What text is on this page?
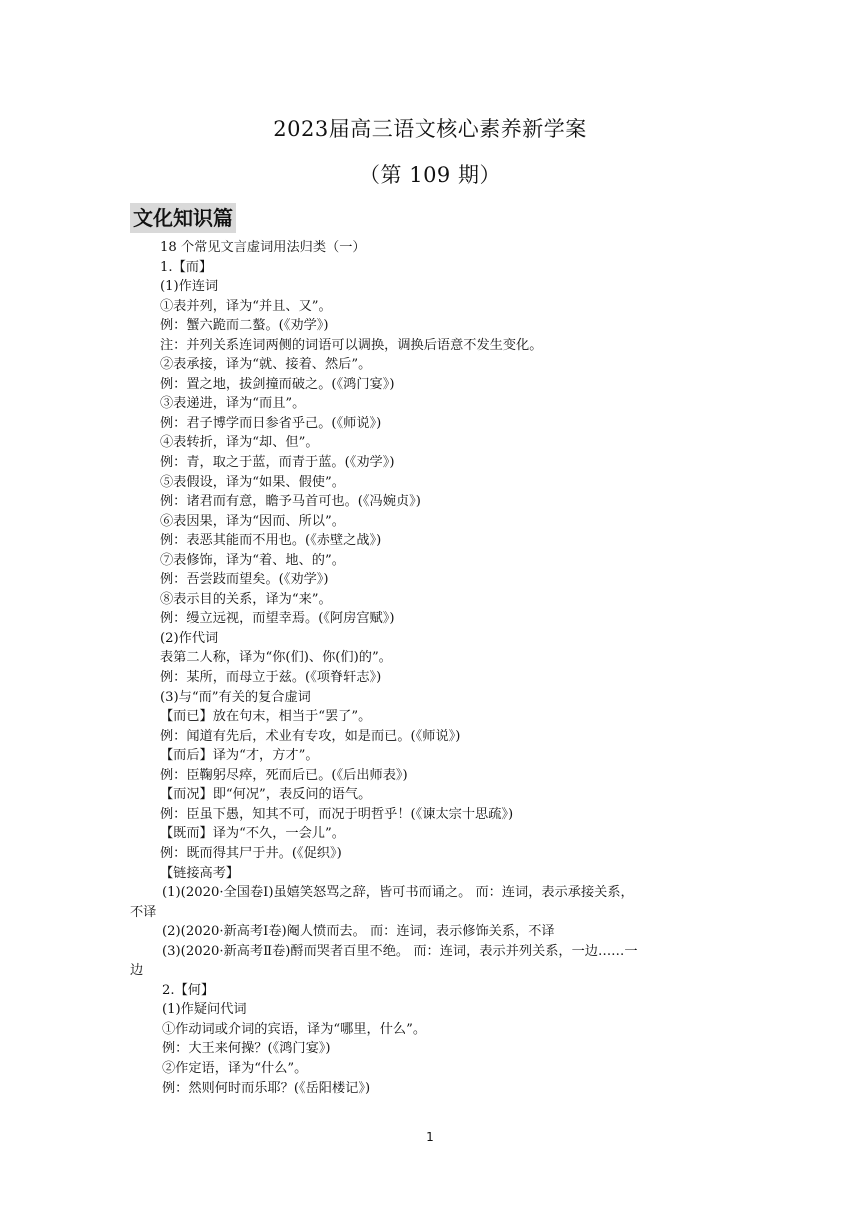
2023届高三语文核心素养新学案
（第 109 期）
文化知识篇
18 个常见文言虚词用法归类（一）
1.【而】
(1)作连词
①表并列，译为“并且、又”。
例：蟹六跪而二螯。(《劝学》)
注：并列关系连词两侧的词语可以调换，调换后语意不发生变化。
②表承接，译为“就、接着、然后”。
例：置之地，拔剑撞而破之。(《鸿门宴》)
③表递进，译为“而且”。
例：君子博学而日参省乎己。(《师说》)
④表转折，译为“却、但”。
例：青，取之于蓝，而青于蓝。(《劝学》)
⑤表假设，译为“如果、假使”。
例：诸君而有意，瞻予马首可也。(《冯婉贞》)
⑥表因果，译为“因而、所以”。
例：表恶其能而不用也。(《赤壁之战》)
⑦表修饰，译为“着、地、的”。
例：吾尝跂而望矣。(《劝学》)
⑧表示目的关系，译为“来”。
例：缦立远视，而望幸焉。(《阿房宫赋》)
(2)作代词
表第二人称，译为“你(们)、你(们)的”。
例：某所，而母立于兹。(《项脊轩志》)
(3)与“而”有关的复合虚词
【而已】放在句末，相当于“罢了”。
例：闻道有先后，术业有专攻，如是而已。(《师说》)
【而后】译为“才，方才”。
例：臣鞠躬尽瘁，死而后已。(《后出师表》)
【而况】即“何况”，表反问的语气。
例：臣虽下愚，知其不可，而况于明哲乎！(《谏太宗十思疏》)
【既而】译为“不久，一会儿”。
例：既而得其尸于井。(《促织》)
【链接高考】
(1)(2020·全国卷Ⅰ)虽嬉笑怒骂之辞，皆可书而诵之。 而：连词，表示承接关系，
不译
(2)(2020·新高考Ⅰ卷)阉人愤而去。 而：连词，表示修饰关系，不译
(3)(2020·新高考Ⅱ卷)酹而哭者百里不绝。 而：连词，表示并列关系，一边……一
边
2.【何】
(1)作疑问代词
①作动词或介词的宾语，译为“哪里，什么”。
例：大王来何操？(《鸿门宴》)
②作定语，译为“什么”。
例：然则何时而乐耶？(《岳阳楼记》)
1
